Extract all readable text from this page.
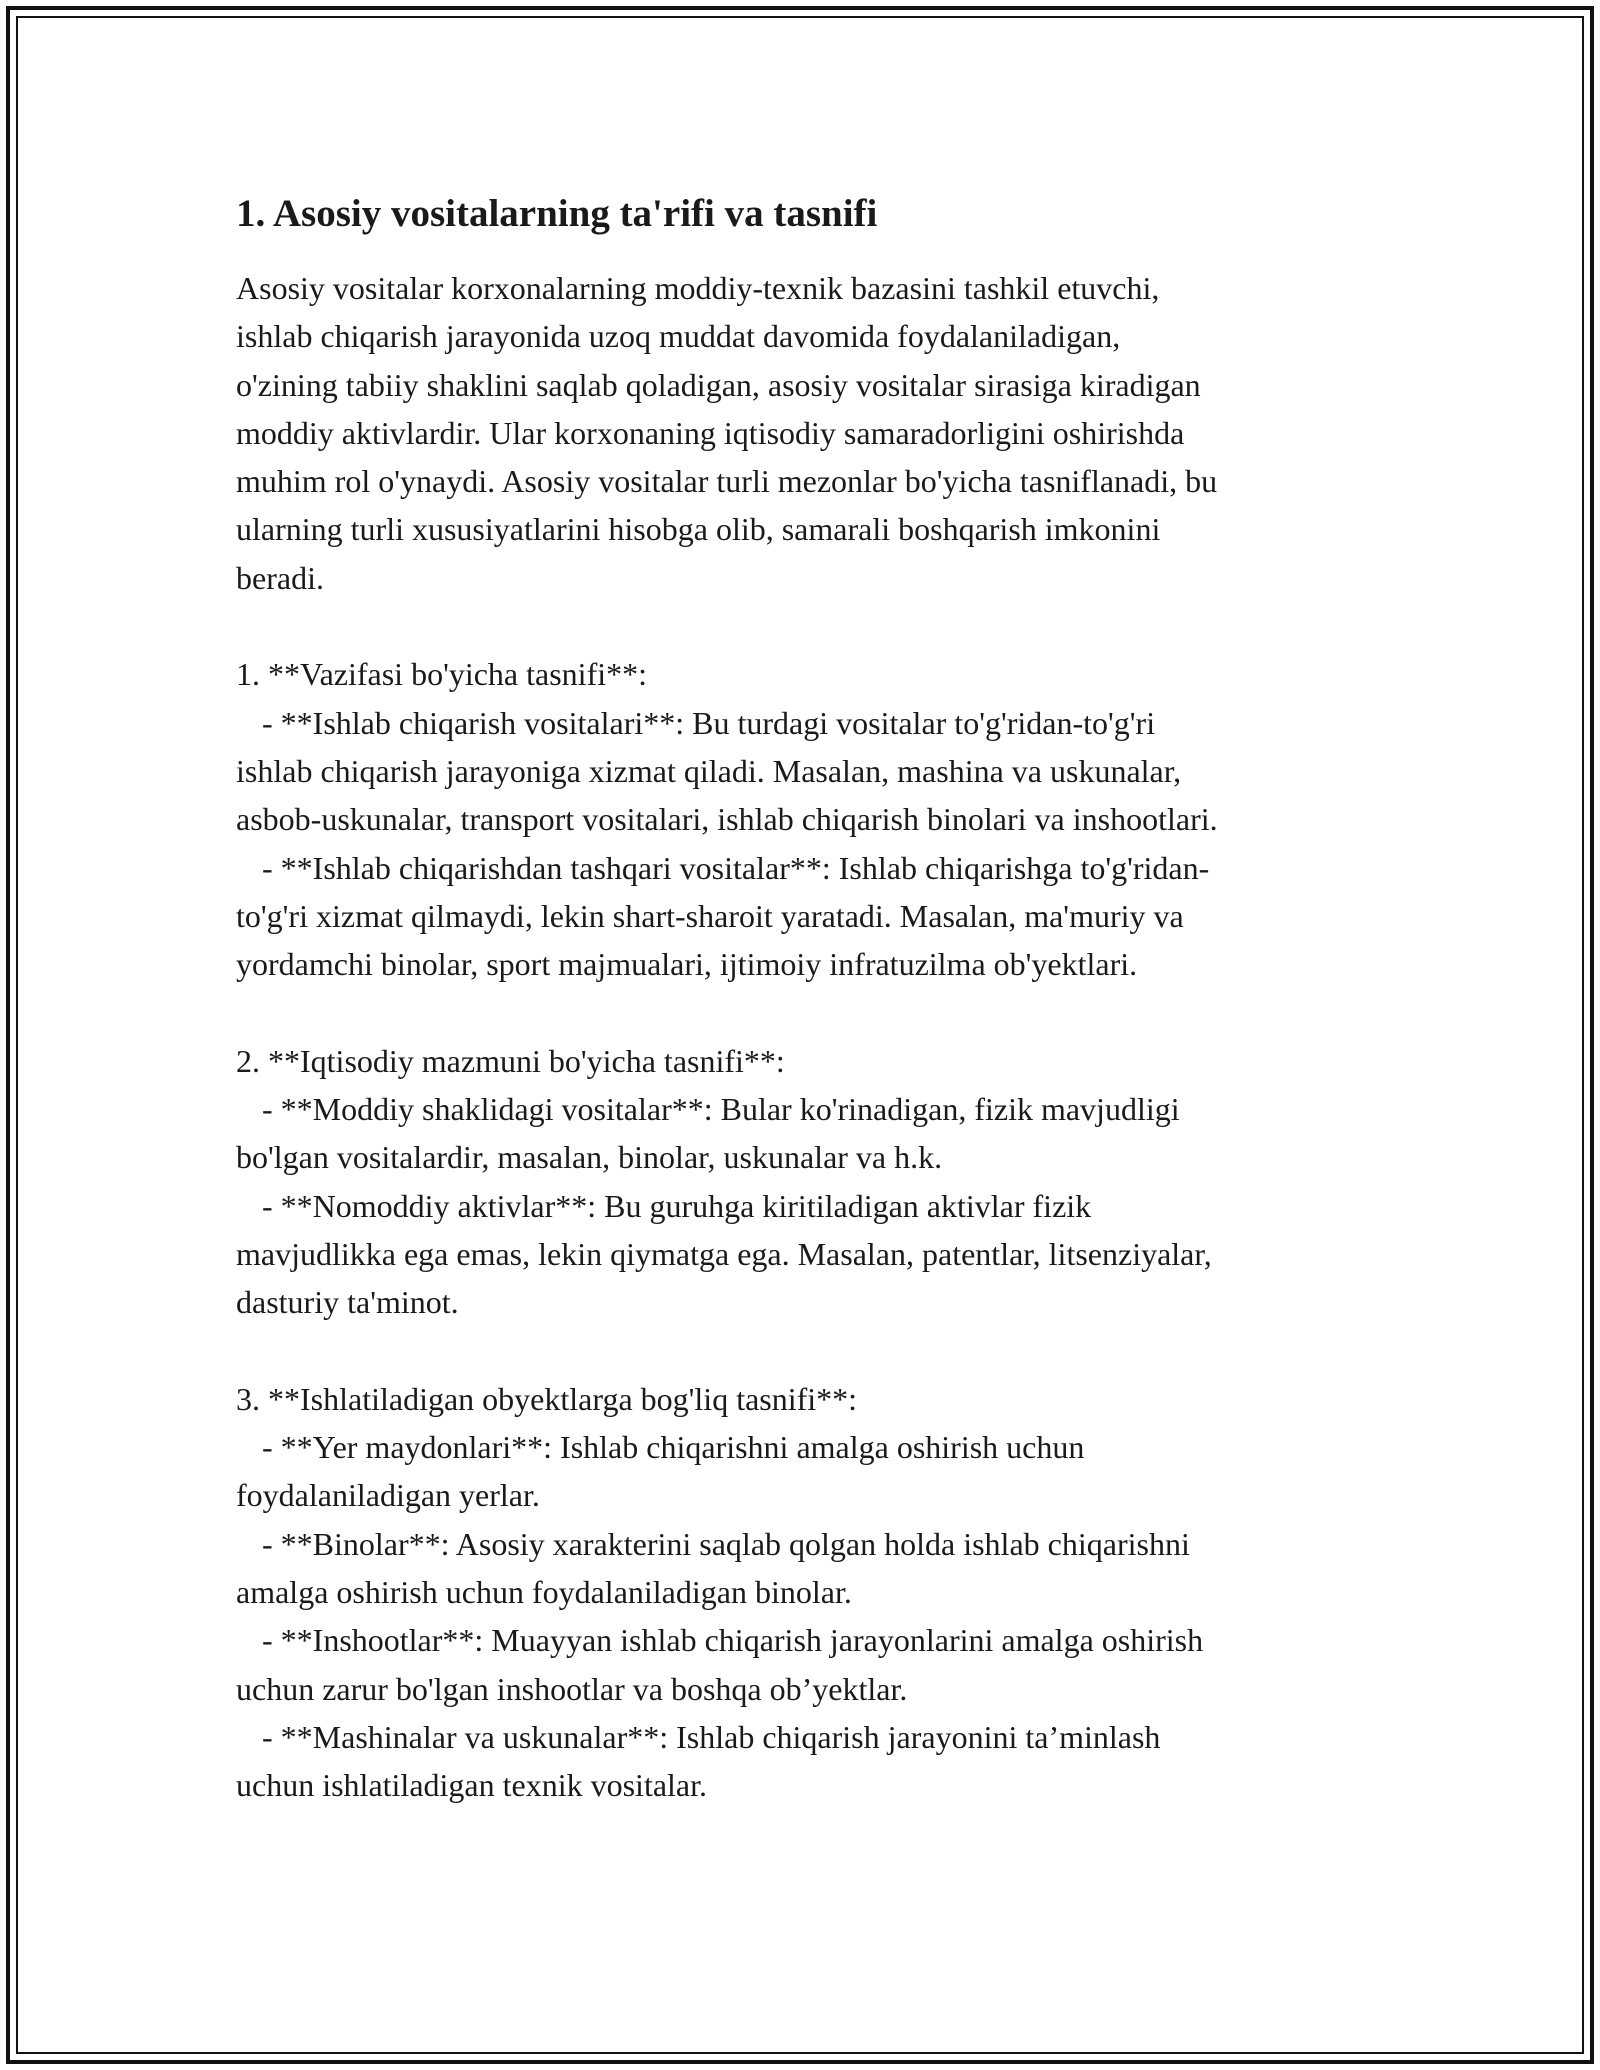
1. Asosiy vositalarning ta'rifi va tasnifi
Asosiy vositalar korxonalarning moddiy-texnik bazasini tashkil etuvchi,
ishlab chiqarish jarayonida uzoq muddat davomida foydalaniladigan,
o'zining tabiiy shaklini saqlab qoladigan, asosiy vositalar sirasiga kiradigan
moddiy aktivlardir. Ular korxonaning iqtisodiy samaradorligini oshirishda
muhim rol o'ynaydi. Asosiy vositalar turli mezonlar bo'yicha tasniflanadi, bu
ularning turli xususiyatlarini hisobga olib, samarali boshqarish imkonini
beradi.
1. **Vazifasi bo'yicha tasnifi**:
- **Ishlab chiqarish vositalari**: Bu turdagi vositalar to'g'ridan-to'g'ri
ishlab chiqarish jarayoniga xizmat qiladi. Masalan, mashina va uskunalar,
asbob-uskunalar, transport vositalari, ishlab chiqarish binolari va inshootlari.
- **Ishlab chiqarishdan tashqari vositalar**: Ishlab chiqarishga to'g'ridan-
to'g'ri xizmat qilmaydi, lekin shart-sharoit yaratadi. Masalan, ma'muriy va
yordamchi binolar, sport majmualari, ijtimoiy infratuzilma ob'yektlari.
2. **Iqtisodiy mazmuni bo'yicha tasnifi**:
- **Moddiy shaklidagi vositalar**: Bular ko'rinadigan, fizik mavjudligi
bo'lgan vositalardir, masalan, binolar, uskunalar va h.k.
- **Nomoddiy aktivlar**: Bu guruhga kiritiladigan aktivlar fizik
mavjudlikka ega emas, lekin qiymatga ega. Masalan, patentlar, litsenziyalar,
dasturiy ta'minot.
3. **Ishlatiladigan obyektlarga bog'liq tasnifi**:
- **Yer maydonlari**: Ishlab chiqarishni amalga oshirish uchun
foydalaniladigan yerlar.
- **Binolar**: Asosiy xarakterini saqlab qolgan holda ishlab chiqarishni
amalga oshirish uchun foydalaniladigan binolar.
- **Inshootlar**: Muayyan ishlab chiqarish jarayonlarini amalga oshirish
uchun zarur bo'lgan inshootlar va boshqa ob’yektlar.
- **Mashinalar va uskunalar**: Ishlab chiqarish jarayonini ta’minlash
uchun ishlatiladigan texnik vositalar.
